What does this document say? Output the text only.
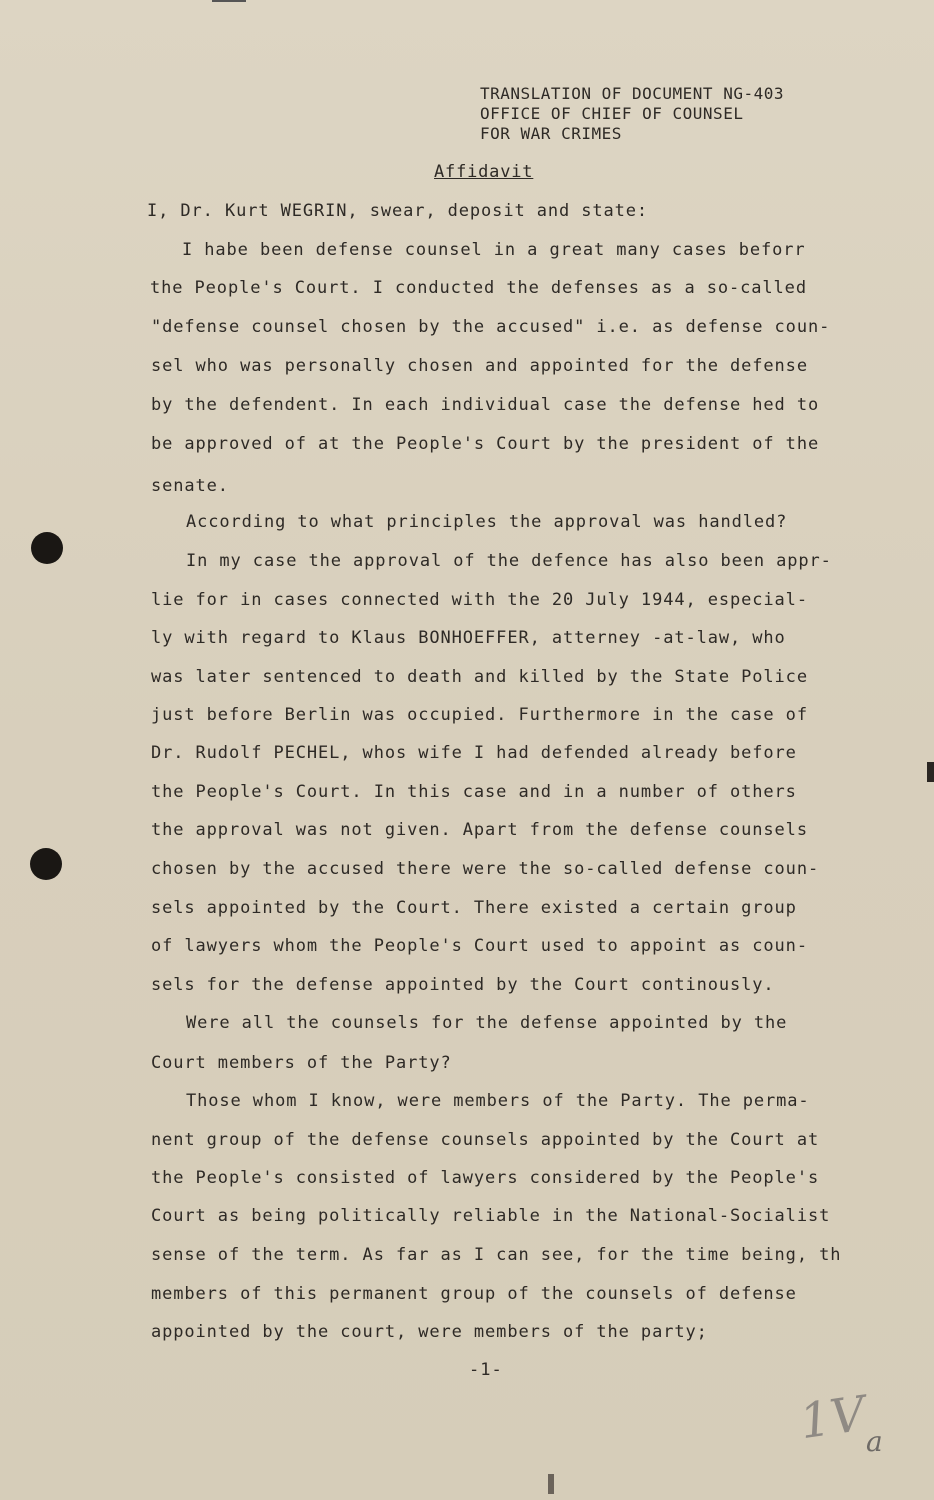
TRANSLATION OF DOCUMENT NG-403
OFFICE OF CHIEF OF COUNSEL
FOR WAR CRIMES
Affidavit
I, Dr. Kurt WEGRIN, swear, deposit and state:
I habe been defense counsel in a great many cases beforr
the People's Court. I conducted the defenses as a so-called
"defense counsel chosen by the accused" i.e. as defense coun-
sel who was personally chosen and appointed for the defense
by the defendent. In each individual case the defense hed to
be approved of at the People's Court by the president of the
senate.
According to what principles the approval was handled?
In my case the approval of the defence has also been appr-
lie for in cases connected with the 20 July 1944, especial-
ly with regard to Klaus BONHOEFFER, atterney -at-law, who
was later sentenced to death and killed by the State Police
just before Berlin was occupied. Furthermore in the case of
Dr. Rudolf PECHEL, whos wife I had defended already before
the People's Court. In this case and in a number of others
the approval was not given. Apart from the defense counsels
chosen by the accused there were the so-called defense coun-
sels appointed by the Court. There existed a certain group
of lawyers whom the People's Court used to appoint as coun-
sels for the defense appointed by the Court continously.
Were all the counsels for the defense appointed by the
Court members of the Party?
Those whom I know, were members of the Party. The perma-
nent group of the defense counsels appointed by the Court at
the People's consisted of lawyers considered by the People's
Court as being politically reliable in the National-Socialist
sense of the term. As far as I can see, for the time being, th
members of this permanent group of the counsels of defense
appointed by the court, were members of the party;
-1-
1V
a
